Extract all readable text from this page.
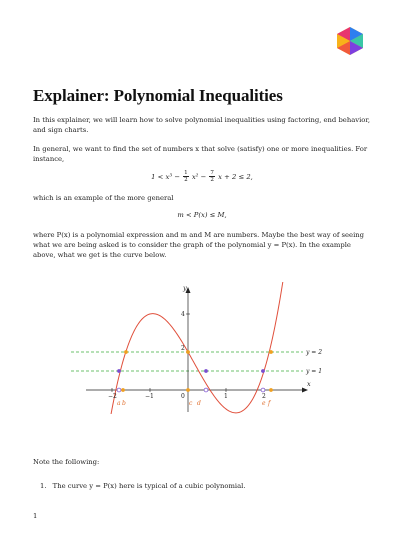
Explainer: Polynomial Inequalities
In this explainer, we will learn how to solve polynomial inequalities using factoring, end behavior, and sign charts.
In general, we want to find the set of numbers x that solve (satisfy) one or more inequalities. For instance,
$1 < x^3 - \frac{1}{2} x^2 - \frac{7}{2}$ x + 2 ≤ 2,
which is an example of the more general
m < P(x) ≤ M,
where P(x) is a polynomial expression and m and M are numbers. Maybe the best way of seeing what we are being asked is to consider the graph of the polynomial y = P(x). In the example above, what we get is the curve below.
x
y
−2	−1	0	1	2
4
2
y = 2
y = 1
a b	c d	e f
Note the following:
1. The curve y = P(x) here is typical of a cubic polynomial.
1
